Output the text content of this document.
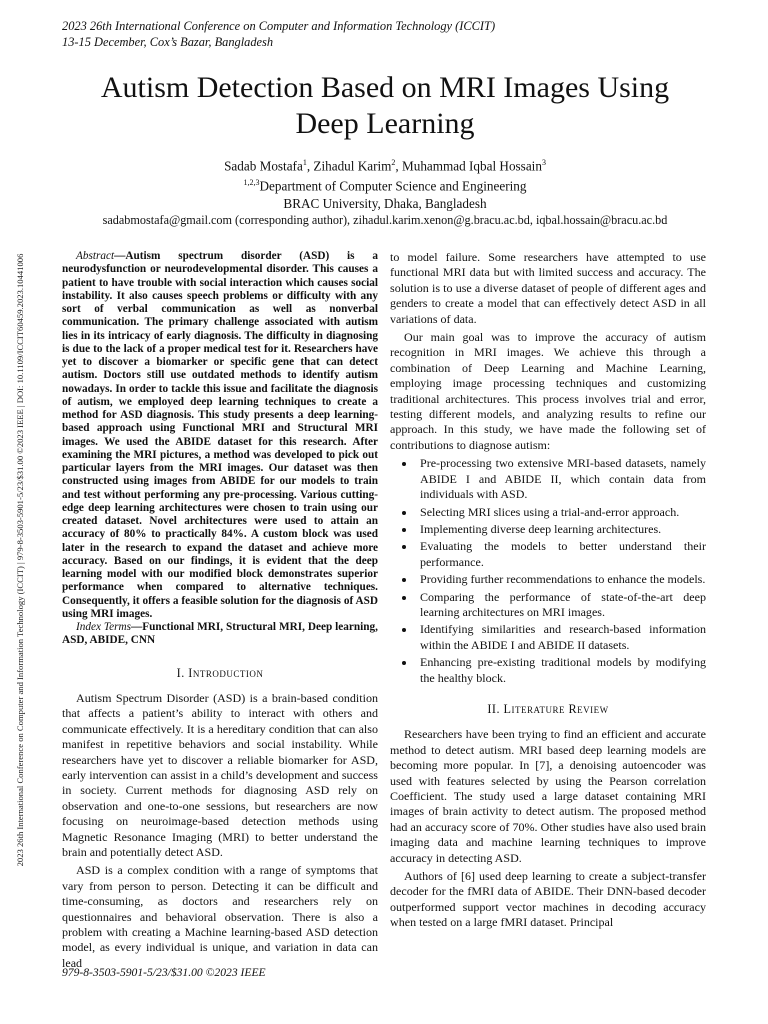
2023 26th International Conference on Computer and Information Technology (ICCIT)
13-15 December, Cox’s Bazar, Bangladesh
2023 26th International Conference on Computer and Information Technology (ICCIT) | 979-8-3503-5901-5/23/$31.00 ©2023 IEEE | DOI: 10.1109/ICCIT60459.2023.10441006
Autism Detection Based on MRI Images Using
Deep Learning
Sadab Mostafa$^1$, Zihadul Karim$^2$, Muhammad Iqbal Hossain$^3$
$^{1,2,3}$Department of Computer Science and Engineering
BRAC University, Dhaka, Bangladesh
sadabmostafa@gmail.com (corresponding author), zihadul.karim.xenon@g.bracu.ac.bd, iqbal.hossain@bracu.ac.bd

Abstract—Autism spectrum disorder (ASD) is a neurodysfunction or neurodevelopmental disorder. This causes a patient to have trouble with social interaction which causes social instability. It also causes speech problems or difficulty with any sort of verbal communication as well as nonverbal communication. The primary challenge associated with autism lies in its intricacy of early diagnosis. The difficulty in diagnosing is due to the lack of a proper medical test for it. Researchers have yet to discover a biomarker or specific gene that can detect autism. Doctors still use outdated methods to identify autism nowadays. In order to tackle this issue and facilitate the diagnosis of autism, we employed deep learning techniques to create a method for ASD diagnosis. This study presents a deep learning-based approach using Functional MRI and Structural MRI images. We used the ABIDE dataset for this research. After examining the MRI pictures, a method was developed to pick out particular layers from the MRI images. Our dataset was then constructed using images from ABIDE for our models to train and test without performing any pre-processing. Various cutting-edge deep learning architectures were chosen to train using our created dataset. Novel architectures were used to attain an accuracy of 80% to practically 84%. A custom block was used later in the research to expand the dataset and achieve more accuracy. Based on our findings, it is evident that the deep learning model with our modified block demonstrates superior performance when compared to alternative techniques. Consequently, it offers a feasible solution for the diagnosis of ASD using MRI images.

Index Terms—Functional MRI, Structural MRI, Deep learning, ASD, ABIDE, CNN

I. Introduction

Autism Spectrum Disorder (ASD) is a brain-based condition that affects a patient’s ability to interact with others and communicate effectively. It is a hereditary condition that can also manifest in repetitive behaviors and social instability. While researchers have yet to discover a reliable biomarker for ASD, early intervention can assist in a child’s development and success in society. Current methods for diagnosing ASD rely on observation and one-to-one sessions, but researchers are now focusing on neuroimage-based detection methods using Magnetic Resonance Imaging (MRI) to better understand the brain and potentially detect ASD.

ASD is a complex condition with a range of symptoms that vary from person to person. Detecting it can be difficult and time-consuming, as doctors and researchers rely on questionnaires and behavioral observation. There is also a problem with creating a Machine learning-based ASD detection model, as every individual is unique, and variation in data can lead

to model failure. Some researchers have attempted to use functional MRI data but with limited success and accuracy. The solution is to use a diverse dataset of people of different ages and genders to create a model that can effectively detect ASD in all variations of data.

Our main goal was to improve the accuracy of autism recognition in MRI images. We achieve this through a combination of Deep Learning and Machine Learning, employing image processing techniques and customizing traditional architectures. This process involves trial and error, testing different models, and analyzing results to refine our approach. In this study, we have made the following set of contributions to diagnose autism:

• Pre-processing two extensive MRI-based datasets, namely ABIDE I and ABIDE II, which contain data from individuals with ASD.
• Selecting MRI slices using a trial-and-error approach.
• Implementing diverse deep learning architectures.
• Evaluating the models to better understand their performance.
• Providing further recommendations to enhance the models.
• Comparing the performance of state-of-the-art deep learning architectures on MRI images.
• Identifying similarities and research-based information within the ABIDE I and ABIDE II datasets.
• Enhancing pre-existing traditional models by modifying the healthy block.
II. Literature Review

Researchers have been trying to find an efficient and accurate method to detect autism. MRI based deep learning models are becoming more popular. In [7], a denoising autoencoder was used with features selected by using the Pearson correlation Coefficient. The study used a large dataset containing MRI images of brain activity to detect autism. The proposed method had an accuracy score of 70%. Other studies have also used brain imaging data and machine learning techniques to improve accuracy in detecting ASD.

Authors of [6] used deep learning to create a subject-transfer decoder for the fMRI data of ABIDE. Their DNN-based decoder outperformed support vector machines in decoding accuracy when tested on a large fMRI dataset. Principal

979-8-3503-5901-5/23/$31.00 ©2023 IEEE
